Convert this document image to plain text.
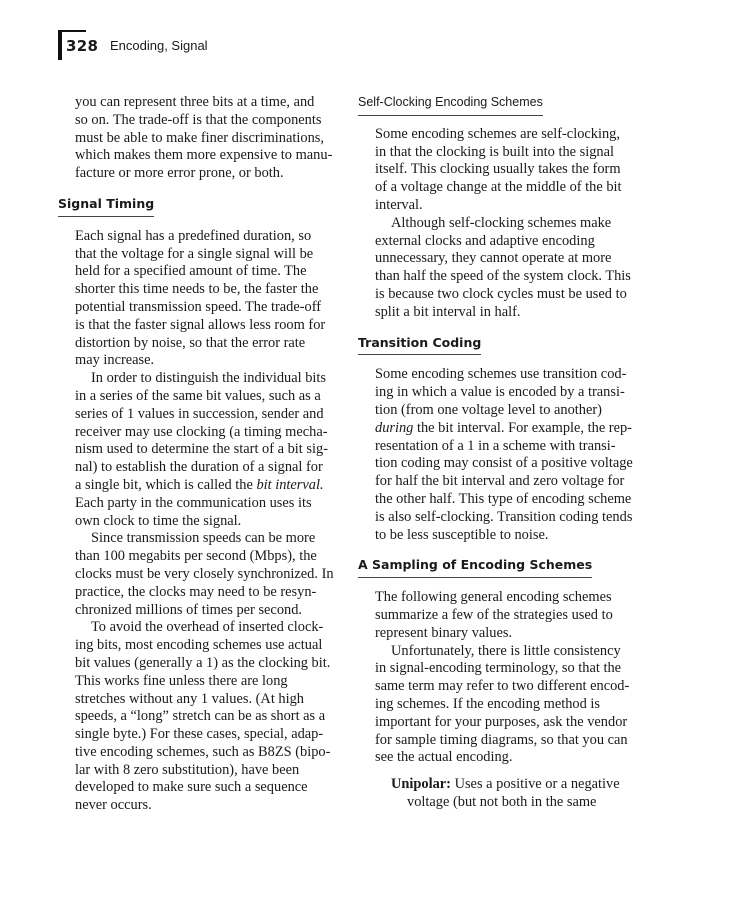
328 Encoding, Signal

you can represent three bits at a time, and
so on. The trade-off is that the components
must be able to make finer discriminations,
which makes them more expensive to manu-
facture or more error prone, or both.

Signal Timing

Each signal has a predefined duration, so
that the voltage for a single signal will be
held for a specified amount of time. The
shorter this time needs to be, the faster the
potential transmission speed. The trade-off
is that the faster signal allows less room for
distortion by noise, so that the error rate
may increase.

In order to distinguish the individual bits
in a series of the same bit values, such as a
series of 1 values in succession, sender and
receiver may use clocking (a timing mecha-
nism used to determine the start of a bit sig-
nal) to establish the duration of a signal for
a single bit, which is called the bit interval.
Each party in the communication uses its
own clock to time the signal.

Since transmission speeds can be more
than 100 megabits per second (Mbps), the
clocks must be very closely synchronized. In
practice, the clocks may need to be resyn-
chronized millions of times per second.

To avoid the overhead of inserted clock-
ing bits, most encoding schemes use actual
bit values (generally a 1) as the clocking bit.
This works fine unless there are long
stretches without any 1 values. (At high
speeds, a “long” stretch can be as short as a
single byte.) For these cases, special, adap-
tive encoding schemes, such as B8ZS (bipo-
lar with 8 zero substitution), have been
developed to make sure such a sequence
never occurs.

Self-Clocking Encoding Schemes

Some encoding schemes are self-clocking,
in that the clocking is built into the signal
itself. This clocking usually takes the form
of a voltage change at the middle of the bit
interval.

Although self-clocking schemes make
external clocks and adaptive encoding
unnecessary, they cannot operate at more
than half the speed of the system clock. This
is because two clock cycles must be used to
split a bit interval in half.

Transition Coding

Some encoding schemes use transition cod-
ing in which a value is encoded by a transi-
tion (from one voltage level to another)
during the bit interval. For example, the rep-
resentation of a 1 in a scheme with transi-
tion coding may consist of a positive voltage
for half the bit interval and zero voltage for
the other half. This type of encoding scheme
is also self-clocking. Transition coding tends
to be less susceptible to noise.

A Sampling of Encoding Schemes

The following general encoding schemes
summarize a few of the strategies used to
represent binary values.

Unfortunately, there is little consistency
in signal-encoding terminology, so that the
same term may refer to two different encod-
ing schemes. If the encoding method is
important for your purposes, ask the vendor
for sample timing diagrams, so that you can
see the actual encoding.

Unipolar: Uses a positive or a negative
voltage (but not both in the same
